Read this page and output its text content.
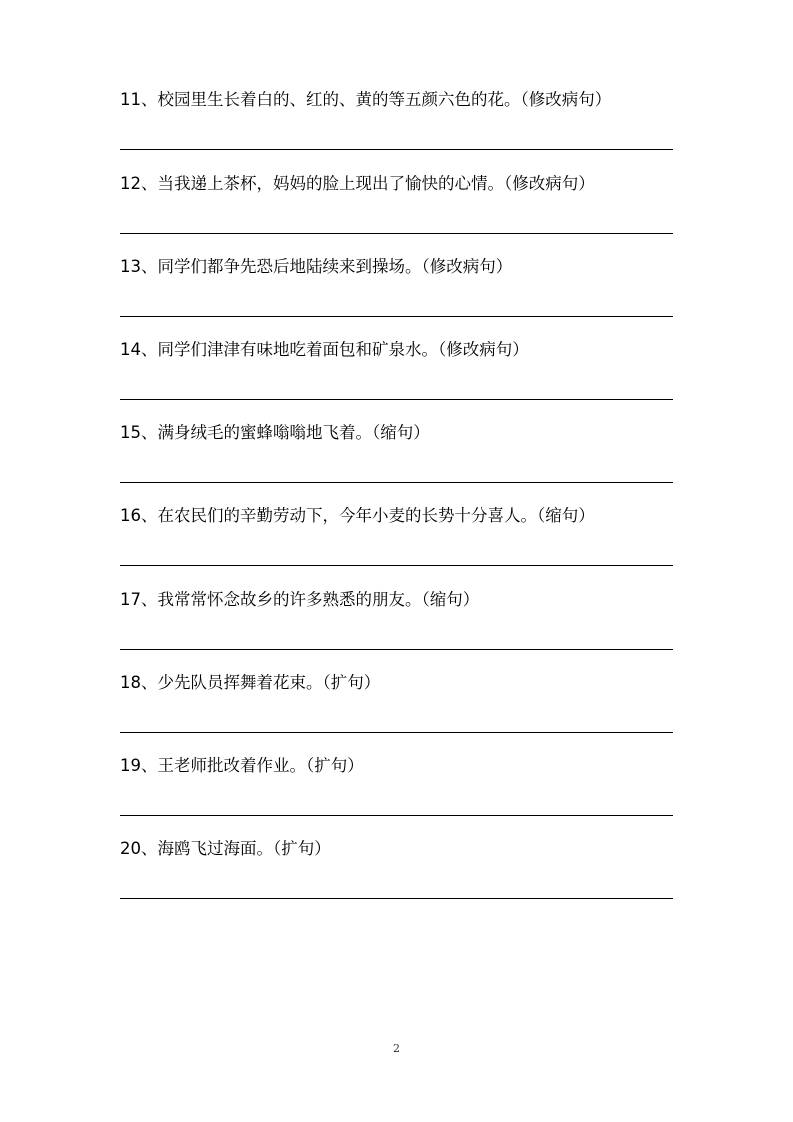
11、校园里生长着白的、红的、黄的等五颜六色的花。（修改病句）
12、当我递上茶杯，妈妈的脸上现出了愉快的心情。（修改病句）
13、同学们都争先恐后地陆续来到操场。（修改病句）
14、同学们津津有味地吃着面包和矿泉水。（修改病句）
15、满身绒毛的蜜蜂嗡嗡地飞着。（缩句）
16、在农民们的辛勤劳动下，今年小麦的长势十分喜人。（缩句）
17、我常常怀念故乡的许多熟悉的朋友。（缩句）
18、少先队员挥舞着花束。（扩句）
19、王老师批改着作业。（扩句）
20、海鸥飞过海面。（扩句）
2
